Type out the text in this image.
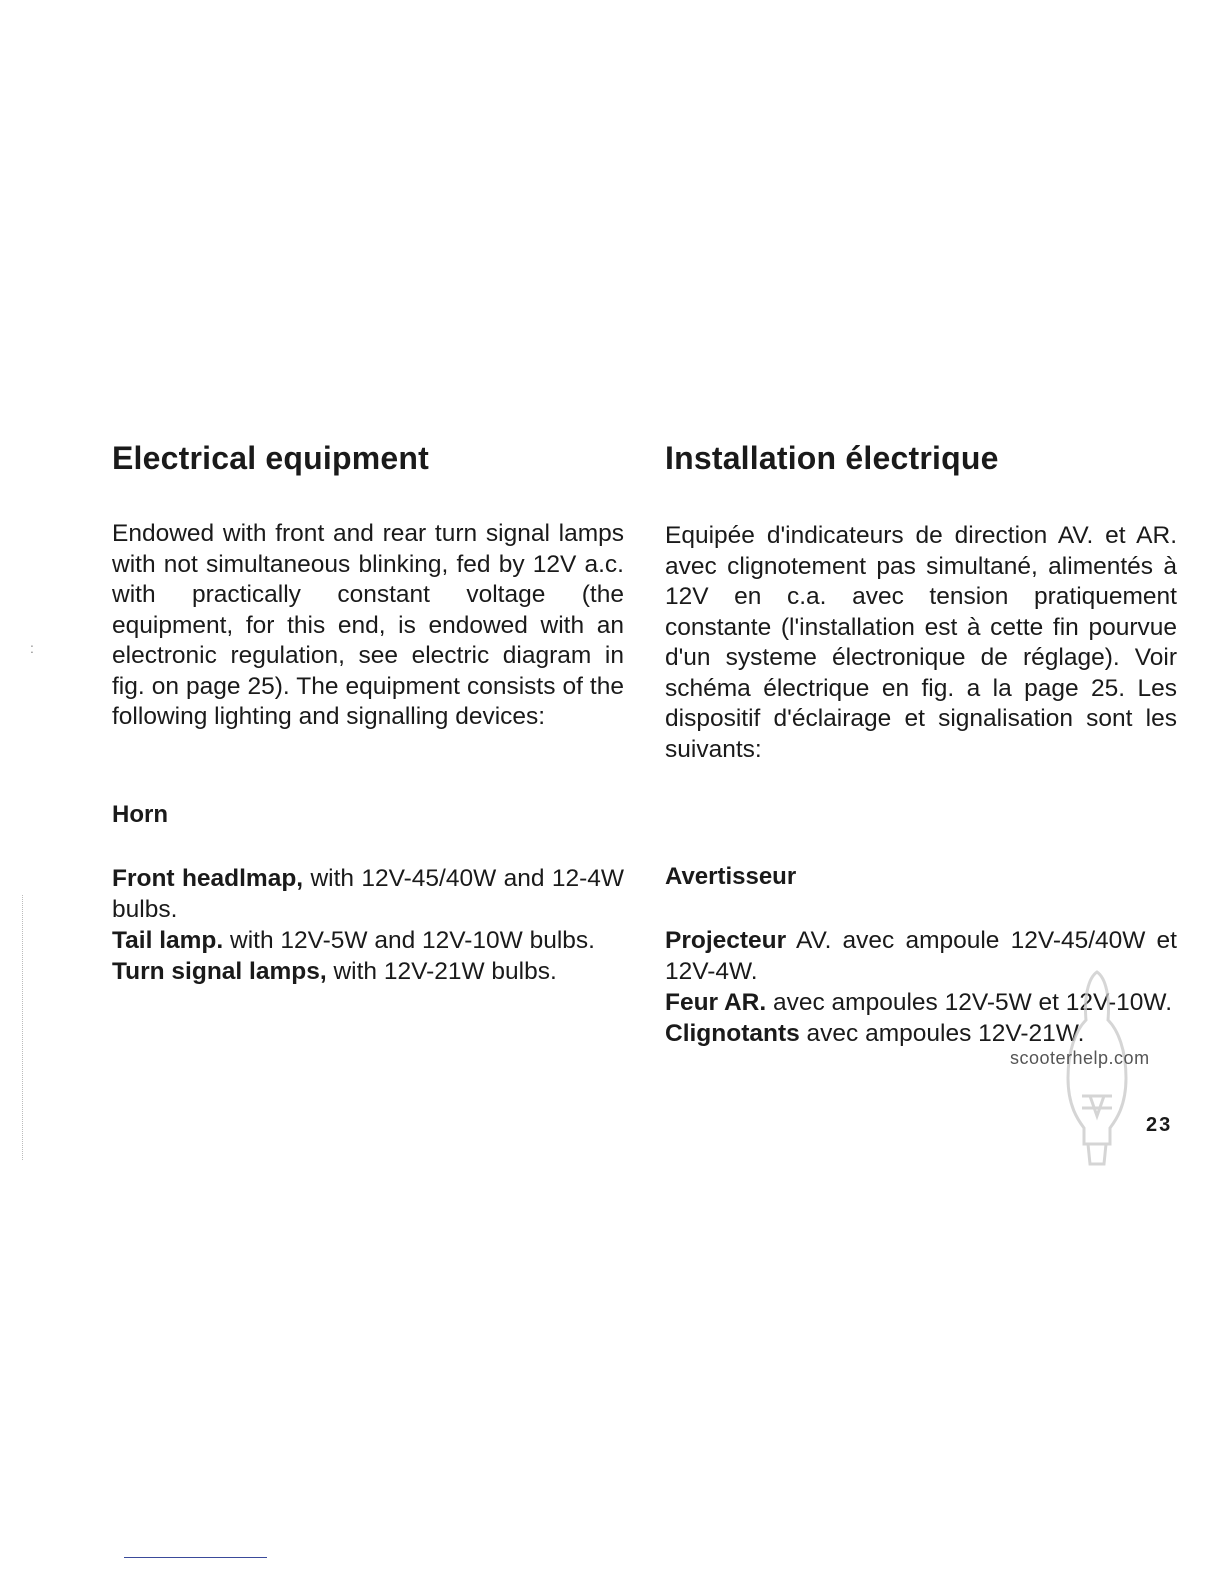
:
Electrical equipment

Endowed with front and rear turn signal lamps with not simultaneous blinking, fed by 12V a.c. with practically constant voltage (the equipment, for this end, is endowed with an electronic regulation, see electric diagram in fig. on page 25). The equipment consists of the following lighting and signalling devices:

Horn
Front headlmap, with 12V-45/40W and 12-4W bulbs.
Tail lamp. with 12V-5W and 12V-10W bulbs.
Turn signal lamps, with 12V-21W bulbs.
Installation électrique

Equipée d'indicateurs de direction AV. et AR. avec clignotement pas simultané, alimentés à 12V en c.a. avec tension pratiquement constante (l'installation est à cette fin pourvue d'un systeme électronique de réglage). Voir schéma électrique en fig. a la page 25. Les dispositif d'éclairage et signalisation sont les suivants:

Avertisseur
Projecteur AV. avec ampoule 12V-45/40W et 12V-4W.
Feur AR. avec ampoules 12V-5W et 12V-10W.
Clignotants avec ampoules 12V-21W.
scooterhelp.com
23
